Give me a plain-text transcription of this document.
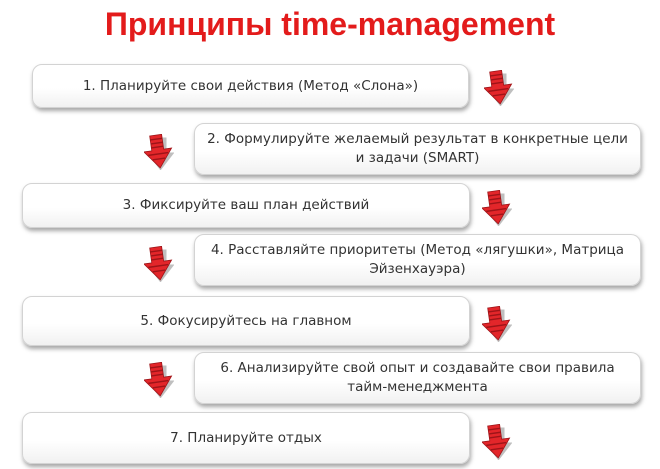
Принципы time-management
1. Планируйте свои действия (Метод «Слона»)
2. Формулируйте желаемый результат в конкретные цели и задачи (SMART)
3. Фиксируйте ваш план действий
4. Расставляйте приоритеты (Метод «лягушки», Матрица Эйзенхауэра)
5. Фокусируйтесь на главном
6. Анализируйте свой опыт и создавайте свои правила тайм-менеджмента
7. Планируйте отдых
